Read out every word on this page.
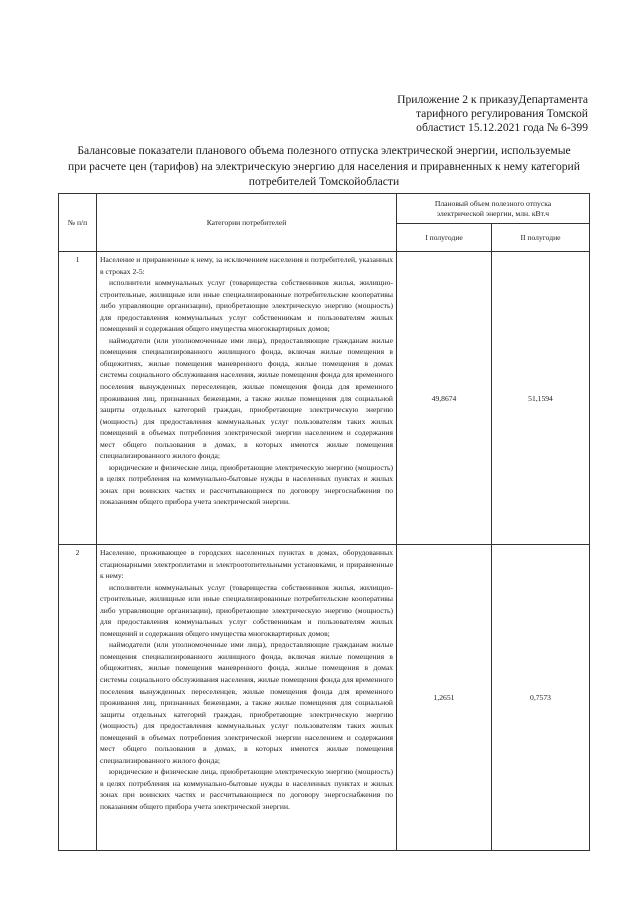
Приложение 2 к приказуДепартамента
тарифного регулирования Томской
областист 15.12.2021 года № 6-399
Балансовые показатели планового объема полезного отпуска электрической энергии, используемые
при расчете цен (тарифов) на электрическую энергию для населения и приравненных к нему категорий
потребителей Томскойобласти
№ п/п	Категории потребителей	Плановый объем полезного отпуска
электрической энергии, млн. кВт.ч	

		I полугодие	II полугодие
1	Население и приравненные к нему, за исключением населения и потребителей, указанных в строках 2-5:

исполнители коммунальных услуг (товарищества собственников жилья, жилищно-строительные, жилищные или иные специализированные потребительские кооперативы либо управляющие организации), приобретающие электрическую энергию (мощность) для предоставления коммунальных услуг собственникам и пользователям жилых помещений и содержания общего имущества многоквартирных домов;

наймодатели (или уполномоченные ими лица), предоставляющие гражданам жилые помещения специализированного жилищного фонда, включая жилые помещения в общежитиях, жилые помещения маневренного фонда, жилые помещения в домах системы социального обслуживания населения, жилые помещения фонда для временного поселения вынужденных переселенцев, жилые помещения фонда для временного проживания лиц, признанных беженцами, а также жилые помещения для социальной защиты отдельных категорий граждан, приобретающие электрическую энергию (мощность) для предоставления коммунальных услуг пользователям таких жилых помещений в объемах потребления электрической энергии населением и содержания мест общего пользования в домах, в которых имеются жилые помещения специализированного жилого фонда;

юридические и физические лица, приобретающие электрическую энергию (мощность) в целях потребления на коммунально-бытовые нужды в населенных пунктах и жилых зонах при воинских частях и рассчитывающиеся по договору энергоснабжения по показаниям общего прибора учета электрической энергии.	49,8674	51,1594
2	Население, проживающее в городских населенных пунктах в домах, оборудованных стационарными электроплитами и электроотопительными установками, и приравненные к нему:

исполнители коммунальных услуг (товарищества собственников жилья, жилищно-строительные, жилищные или иные специализированные потребительские кооперативы либо управляющие организации), приобретающие электрическую энергию (мощность) для предоставления коммунальных услуг собственникам и пользователям жилых помещений и содержания общего имущества многоквартирных домов;

наймодатели (или уполномоченные ими лица), предоставляющие гражданам жилые помещения специализированного жилищного фонда, включая жилые помещения в общежитиях, жилые помещения маневренного фонда, жилые помещения в домах системы социального обслуживания населения, жилые помещения фонда для временного поселения вынужденных переселенцев, жилые помещения фонда для временного проживания лиц, признанных беженцами, а также жилые помещения для социальной защиты отдельных категорий граждан, приобретающие электрическую энергию (мощность) для предоставления коммунальных услуг пользователям таких жилых помещений в объемах потребления электрической энергии населением и содержания мест общего пользования в домах, в которых имеются жилые помещения специализированного жилого фонда;

юридические и физические лица, приобретающие электрическую энергию (мощность) в целях потребления на коммунально-бытовые нужды в населенных пунктах и жилых зонах при воинских частях и рассчитывающиеся по договору энергоснабжения по показаниям общего прибора учета электрической энергии.	1,2651	0,7573
